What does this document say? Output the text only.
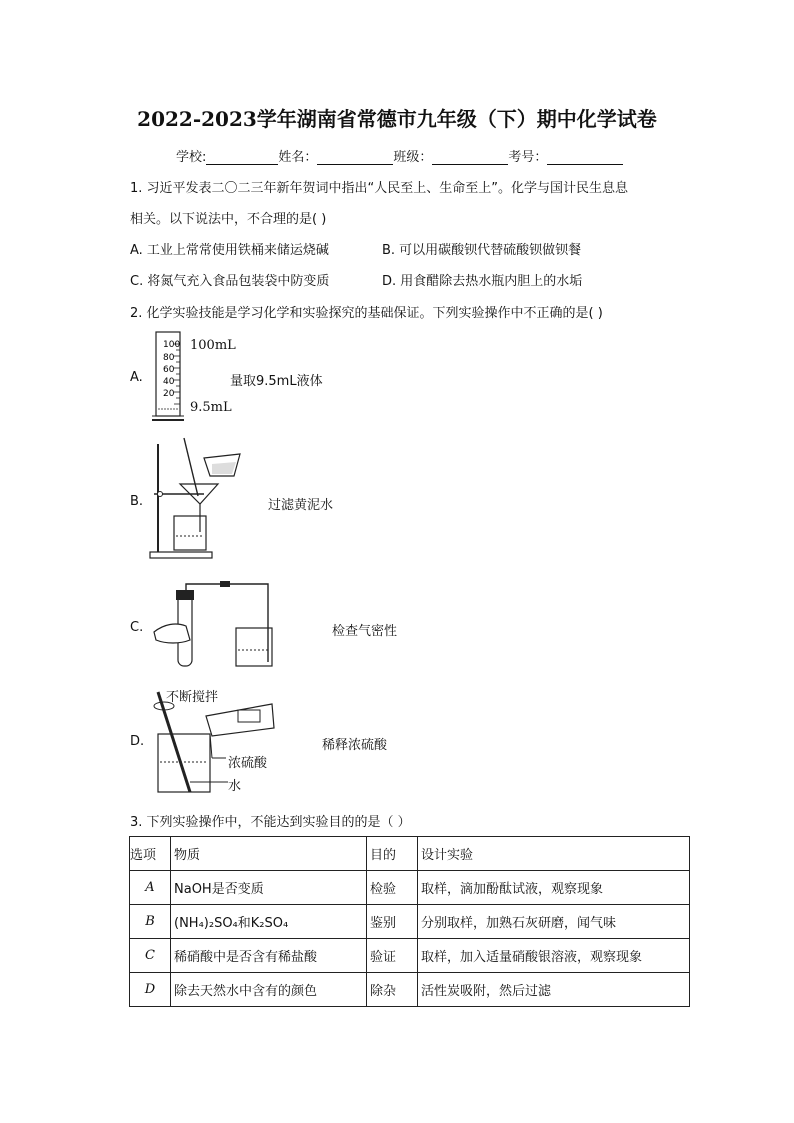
2022-2023学年湖南省常德市九年级（下）期中化学试卷
学校:	姓名：	班级：	考号：
1. 习近平发表二〇二三年新年贺词中指出“人民至上、生命至上”。化学与国计民生息息
相关。以下说法中，不合理的是( )
A. 工业上常常使用铁桶来储运烧碱	B. 可以用碳酸钡代替硫酸钡做钡餐
C. 将氮气充入食品包装袋中防变质	D. 用食醋除去热水瓶内胆上的水垢
2. 化学实验技能是学习化学和实验探究的基础保证。下列实验操作中不正确的是( )
A.
100
80
60
40
20
100mL
9.5mL
量取9.5mL液体
B.	过滤黄泥水
C.	检查气密性
D.
不断搅拌
浓硫酸
水
稀释浓硫酸
3. 下列实验操作中，不能达到实验目的的是（ ）
选项	物质	目的	设计实验
A	NaOH是否变质	检验	取样，滴加酚酞试液，观察现象
B	(NH₄)₂SO₄和K₂SO₄	鉴别	分别取样，加熟石灰研磨，闻气味
C	稀硝酸中是否含有稀盐酸	验证	取样，加入适量硝酸银溶液，观察现象
D	除去天然水中含有的颜色	除杂	活性炭吸附，然后过滤
